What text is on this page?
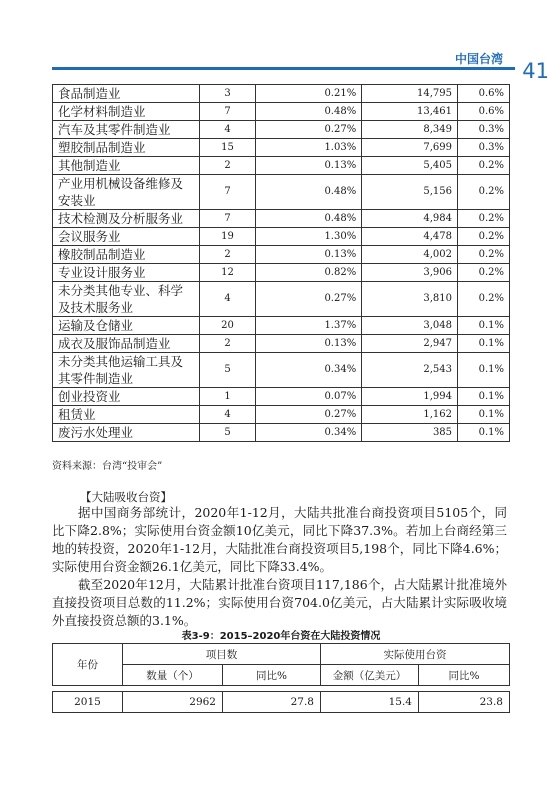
中国台湾 41
食品制造业	3	0.21%	14,795	0.6%
化学材料制造业	7	0.48%	13,461	0.6%
汽车及其零件制造业	4	0.27%	8,349	0.3%
塑胶制品制造业	15	1.03%	7,699	0.3%
其他制造业	2	0.13%	5,405	0.2%
产业用机械设备维修及安装业	7	0.48%	5,156	0.2%
技术检测及分析服务业	7	0.48%	4,984	0.2%
会议服务业	19	1.30%	4,478	0.2%
橡胶制品制造业	2	0.13%	4,002	0.2%
专业设计服务业	12	0.82%	3,906	0.2%
未分类其他专业、科学及技术服务业	4	0.27%	3,810	0.2%
运输及仓储业	20	1.37%	3,048	0.1%
成衣及服饰品制造业	2	0.13%	2,947	0.1%
未分类其他运输工具及其零件制造业	5	0.34%	2,543	0.1%
创业投资业	1	0.07%	1,994	0.1%
租赁业	4	0.27%	1,162	0.1%
废污水处理业	5	0.34%	385	0.1%
资料来源：台湾“投审会”
【大陆吸收台资】

据中国商务部统计，2020年1-12月，大陆共批准台商投资项目5105个，同比下降2.8%；实际使用台资金额10亿美元，同比下降37.3%。若加上台商经第三地的转投资，2020年1-12月，大陆批准台商投资项目5,198个，同比下降4.6%；实际使用台资金额26.1亿美元，同比下降33.4%。

截至2020年12月，大陆累计批准台资项目117,186个，占大陆累计批准境外直接投资项目总数的11.2%；实际使用台资704.0亿美元，占大陆累计实际吸收境外直接投资总额的3.1%。

表3-9：2015–2020年台资在大陆投资情况
年份	项目数		实际使用台资	
	数量（个）	同比%	金额（亿美元）	同比%

2015	2962	27.8	15.4	23.8
